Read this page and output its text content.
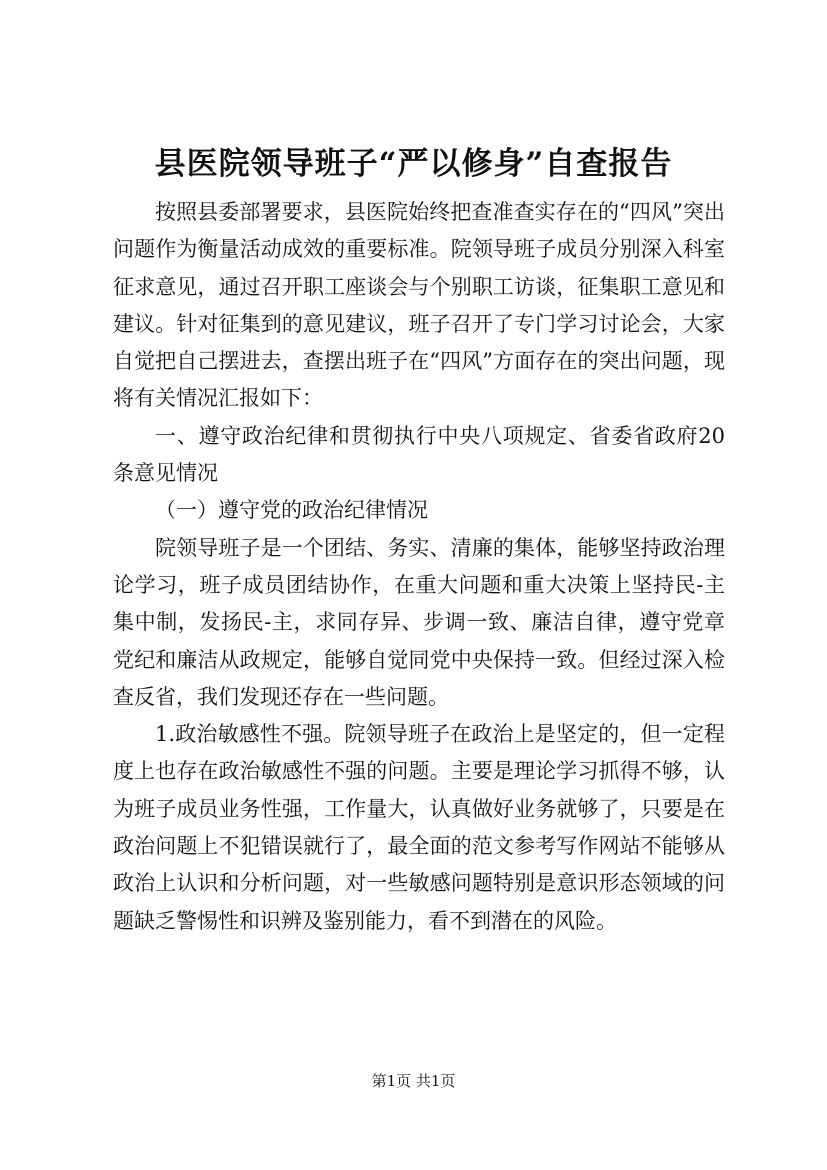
县医院领导班子“严以修身”自查报告

按照县委部署要求，县医院始终把查准查实存在的“四风”突出问题作为衡量活动成效的重要标准。院领导班子成员分别深入科室征求意见，通过召开职工座谈会与个别职工访谈，征集职工意见和建议。针对征集到的意见建议，班子召开了专门学习讨论会，大家自觉把自己摆进去，查摆出班子在“四风”方面存在的突出问题，现将有关情况汇报如下：

一、遵守政治纪律和贯彻执行中央八项规定、省委省政府20条意见情况

（一）遵守党的政治纪律情况

院领导班子是一个团结、务实、清廉的集体，能够坚持政治理论学习，班子成员团结协作，在重大问题和重大决策上坚持民-主集中制，发扬民-主，求同存异、步调一致、廉洁自律，遵守党章党纪和廉洁从政规定，能够自觉同党中央保持一致。但经过深入检查反省，我们发现还存在一些问题。

1.政治敏感性不强。院领导班子在政治上是坚定的，但一定程度上也存在政治敏感性不强的问题。主要是理论学习抓得不够，认为班子成员业务性强，工作量大，认真做好业务就够了，只要是在政治问题上不犯错误就行了，最全面的范文参考写作网站不能够从政治上认识和分析问题，对一些敏感问题特别是意识形态领域的问题缺乏警惕性和识辨及鉴别能力，看不到潜在的风险。

第1页 共1页
